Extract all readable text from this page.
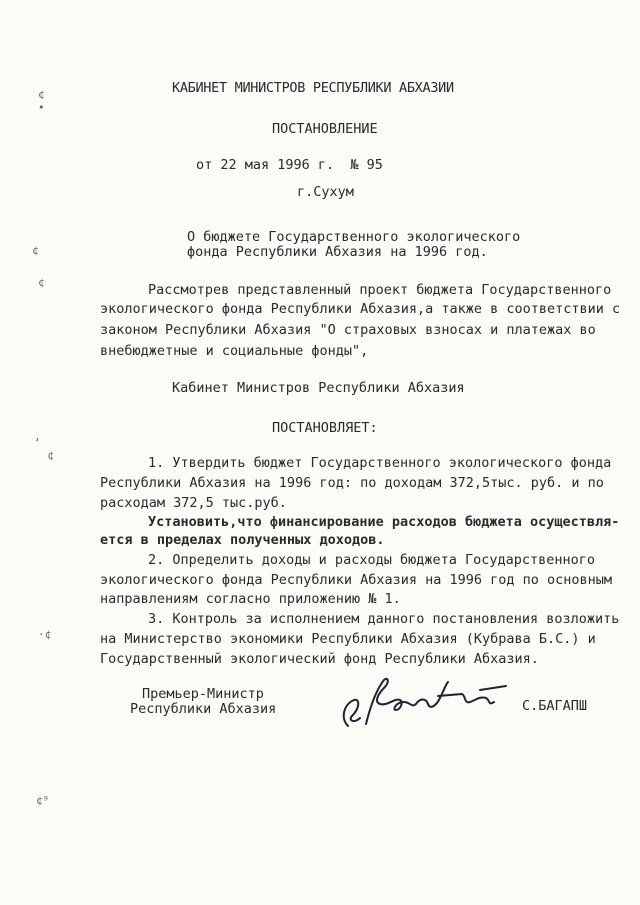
¢
•
¢
¢
‘
¢
·¢
¢⁹
КАБИНЕТ МИНИСТРОВ РЕСПУБЛИКИ АБХАЗИИ
ПОСТАНОВЛЕНИЕ
от 22 мая 1996 г.  № 95
г.Сухум
О бюджете Государственного экологического
фонда Республики Абхазия на 1996 год.
Рассмотрев представленный проект бюджета Государственного
экологического фонда Республики Абхазия,а также в соответствии с
законом Республики Абхазия "О страховых взносах и платежах во
внебюджетные и социальные фонды",
Кабинет Министров Республики Абхазия
ПОСТАНОВЛЯЕТ:
1. Утвердить бюджет Государственного экологического фонда
Республики Абхазия на 1996 год: по доходам 372,5тыс. руб. и по
расходам 372,5 тыс.руб.
Установить,что финансирование расходов бюджета осуществля-
ется в пределах полученных доходов.
2. Определить доходы и расходы бюджета Государственного
экологического фонда Республики Абхазия на 1996 год по основным
направлениям согласно приложению № 1.
3. Контроль за исполнением данного постановления возложить
на Министерство экономики Республики Абхазия (Кубрава Б.С.) и
Государственный экологический фонд Республики Абхазия.
Премьер-Министр
Республики Абхазия	С.БАГАПШ
